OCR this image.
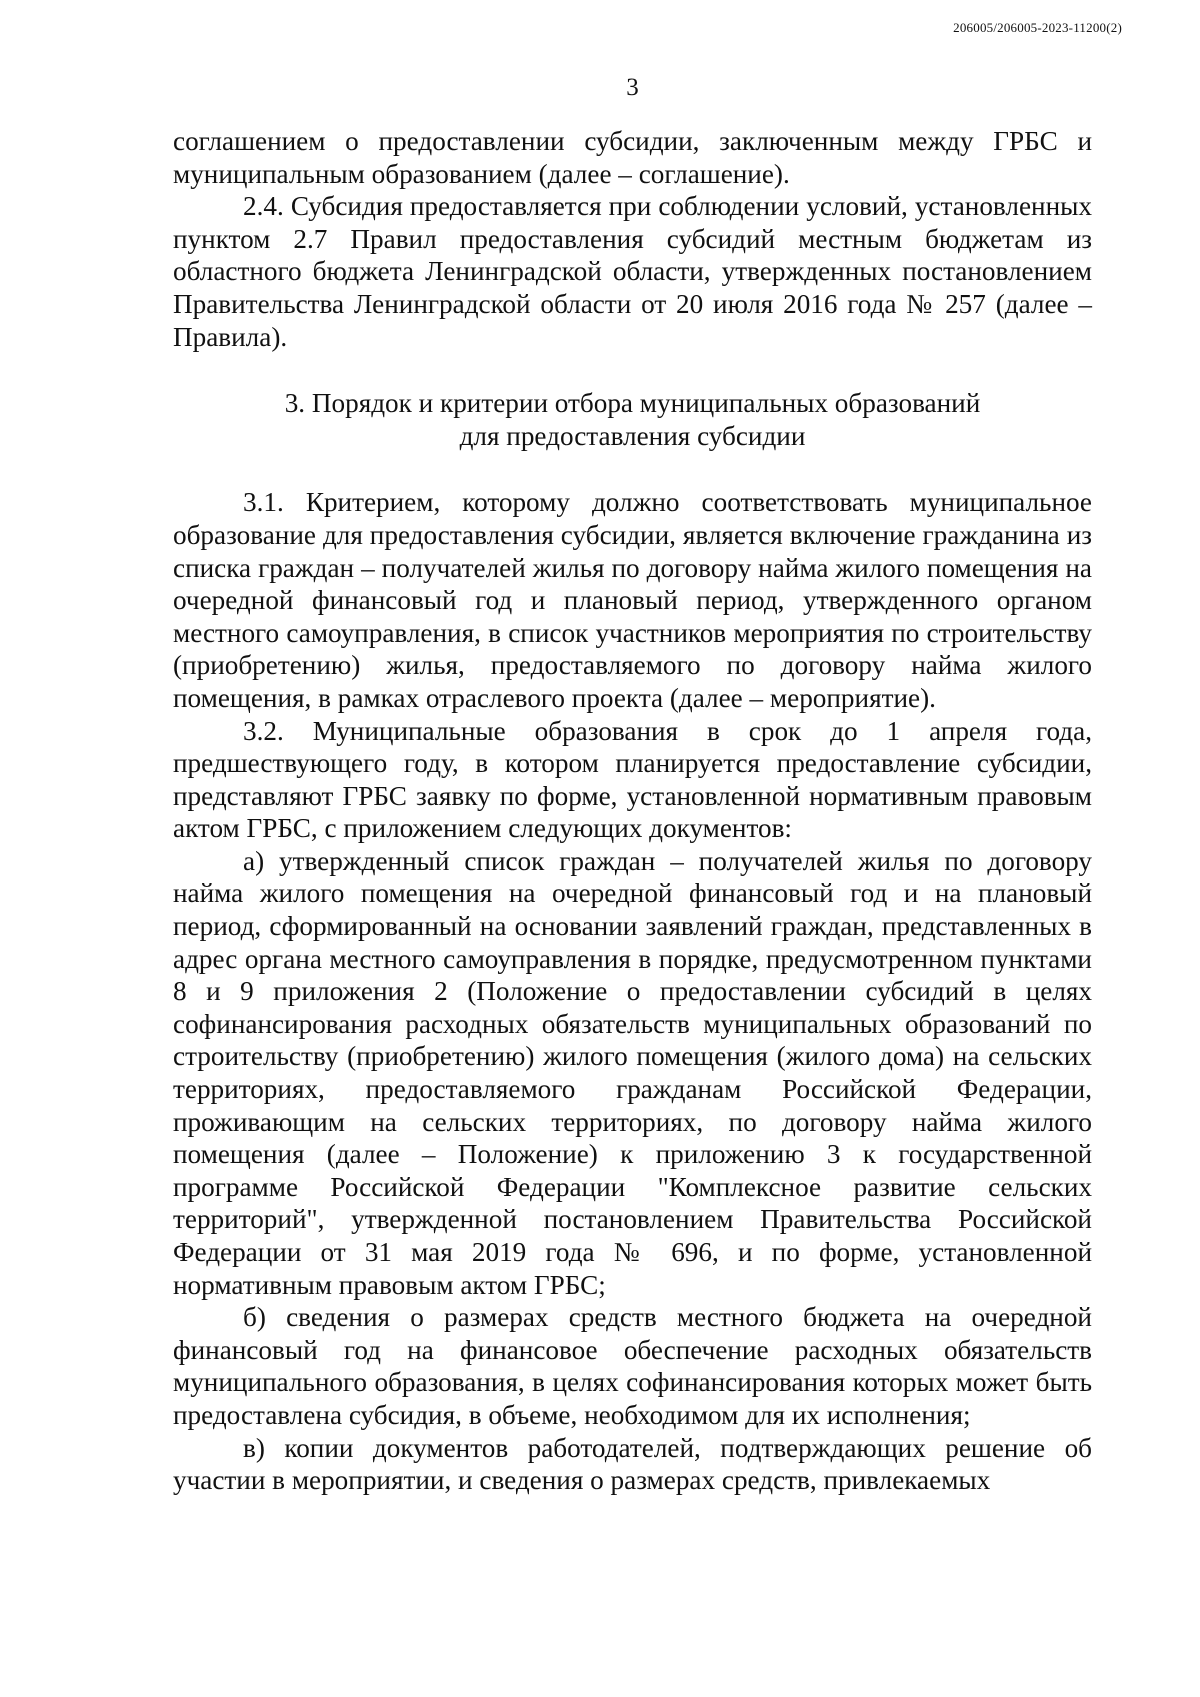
206005/206005-2023-11200(2)
3

соглашением о предоставлении субсидии, заключенным между ГРБС и муниципальным образованием (далее – соглашение).

2.4. Субсидия предоставляется при соблюдении условий, установленных пунктом 2.7 Правил предоставления субсидий местным бюджетам из областного бюджета Ленинградской области, утвержденных постановлением Правительства Ленинградской области от 20 июля 2016 года № 257 (далее – Правила).

3. Порядок и критерии отбора муниципальных образований
для предоставления субсидии

3.1. Критерием, которому должно соответствовать муниципальное образование для предоставления субсидии, является включение гражданина из списка граждан – получателей жилья по договору найма жилого помещения на очередной финансовый год и плановый период, утвержденного органом местного самоуправления, в список участников мероприятия по строительству (приобретению) жилья, предоставляемого по договору найма жилого помещения, в рамках отраслевого проекта (далее – мероприятие).

3.2. Муниципальные образования в срок до 1 апреля года, предшествующего году, в котором планируется предоставление субсидии, представляют ГРБС заявку по форме, установленной нормативным правовым актом ГРБС, с приложением следующих документов:

а) утвержденный список граждан – получателей жилья по договору найма жилого помещения на очередной финансовый год и на плановый период, сформированный на основании заявлений граждан, представленных в адрес органа местного самоуправления в порядке, предусмотренном пунктами 8 и 9 приложения 2 (Положение о предоставлении субсидий в целях софинансирования расходных обязательств муниципальных образований по строительству (приобретению) жилого помещения (жилого дома) на сельских территориях, предоставляемого гражданам Российской Федерации, проживающим на сельских территориях, по договору найма жилого помещения (далее – Положение) к приложению 3 к государственной программе Российской Федерации "Комплексное развитие сельских территорий", утвержденной постановлением Правительства Российской Федерации от 31 мая 2019 года № 696, и по форме, установленной нормативным правовым актом ГРБС;

б) сведения о размерах средств местного бюджета на очередной финансовый год на финансовое обеспечение расходных обязательств муниципального образования, в целях софинансирования которых может быть предоставлена субсидия, в объеме, необходимом для их исполнения;

в) копии документов работодателей, подтверждающих решение об участии в мероприятии, и сведения о размерах средств, привлекаемых
